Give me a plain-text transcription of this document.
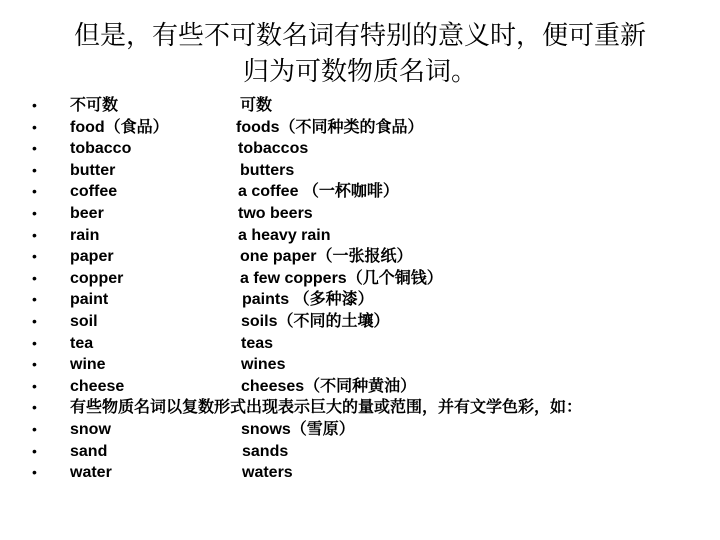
但是，有些不可数名词有特别的意义时，便可重新
归为可数物质名词。
• 不可数	可数
• food（食品）	foods（不同种类的食品）
• tobacco	tobaccos
• butter	butters
• coffee	a coffee （一杯咖啡）
• beer	two beers
• rain	a heavy rain
• paper	one paper（一张报纸）
• copper	a few coppers（几个铜钱）
• paint	paints （多种漆）
• soil	soils（不同的土壤）
• tea	teas
• wine	wines
• cheese	cheeses（不同种黄油）
• 有些物质名词以复数形式出现表示巨大的量或范围，并有文学色彩，如：
• snow	snows（雪原）
• sand	sands
• water	waters
